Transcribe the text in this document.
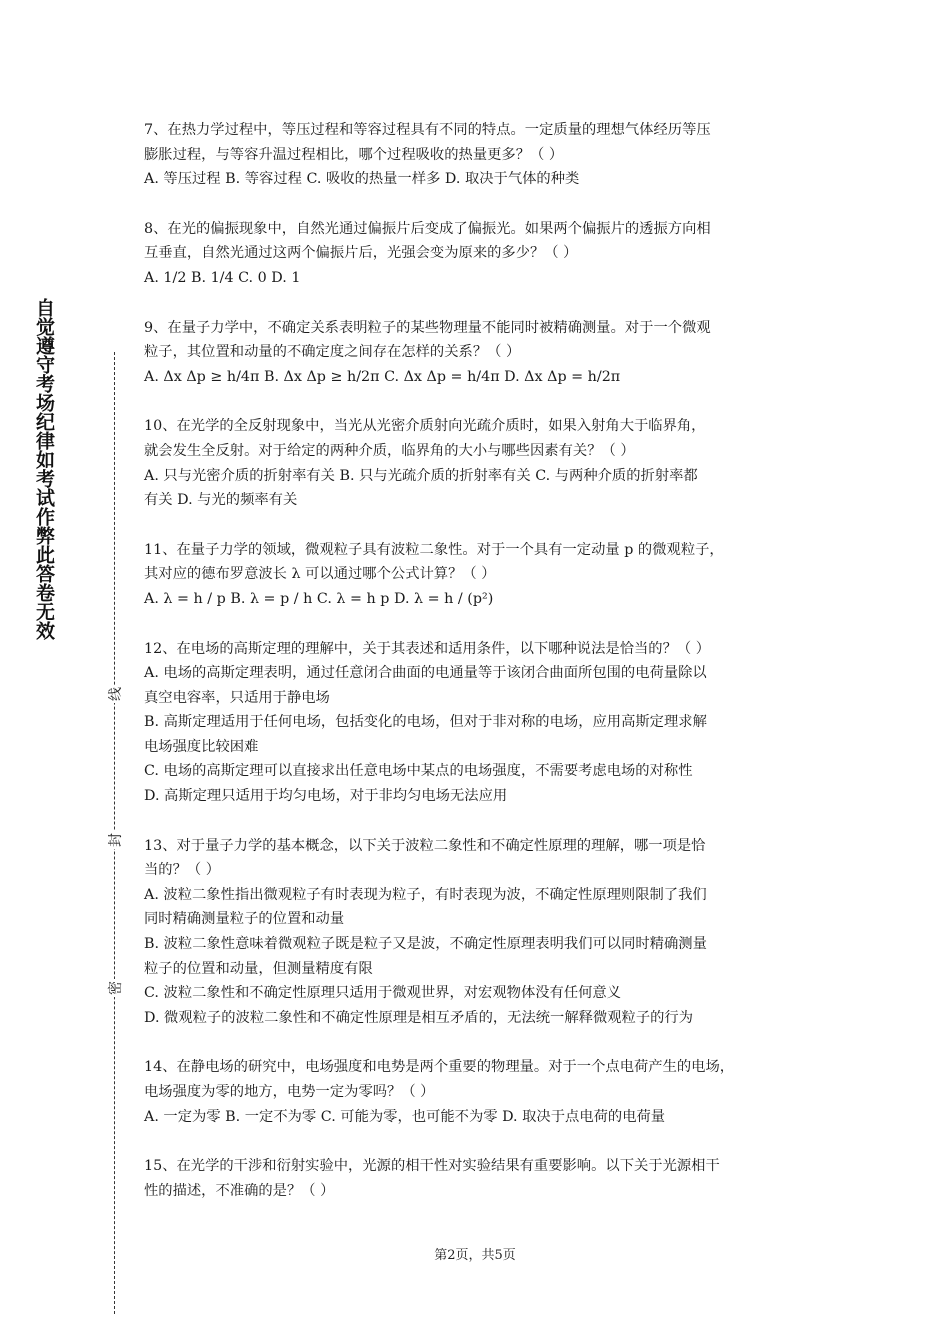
自觉遵守考场纪律如考试作弊此答卷无效
线
封
密

7、在热力学过程中，等压过程和等容过程具有不同的特点。一定质量的理想气体经历等压

膨胀过程，与等容升温过程相比，哪个过程吸收的热量更多？（ ）

A. 等压过程 B. 等容过程 C. 吸收的热量一样多 D. 取决于气体的种类

8、在光的偏振现象中，自然光通过偏振片后变成了偏振光。如果两个偏振片的透振方向相

互垂直，自然光通过这两个偏振片后，光强会变为原来的多少？（ ）

A. 1/2 B. 1/4 C. 0 D. 1

9、在量子力学中，不确定关系表明粒子的某些物理量不能同时被精确测量。对于一个微观

粒子，其位置和动量的不确定度之间存在怎样的关系？（ ）

A. Δx Δp ≥ h/4π B. Δx Δp ≥ h/2π C. Δx Δp = h/4π D. Δx Δp = h/2π

10、在光学的全反射现象中，当光从光密介质射向光疏介质时，如果入射角大于临界角，

就会发生全反射。对于给定的两种介质，临界角的大小与哪些因素有关？（ ）

A. 只与光密介质的折射率有关 B. 只与光疏介质的折射率有关 C. 与两种介质的折射率都

有关 D. 与光的频率有关

11、在量子力学的领域，微观粒子具有波粒二象性。对于一个具有一定动量 p 的微观粒子，

其对应的德布罗意波长 λ 可以通过哪个公式计算？（ ）

A. λ = h / p B. λ = p / h C. λ = h p D. λ = h / (p²)

12、在电场的高斯定理的理解中，关于其表述和适用条件，以下哪种说法是恰当的？（ ）

A. 电场的高斯定理表明，通过任意闭合曲面的电通量等于该闭合曲面所包围的电荷量除以

真空电容率，只适用于静电场

B. 高斯定理适用于任何电场，包括变化的电场，但对于非对称的电场，应用高斯定理求解

电场强度比较困难

C. 电场的高斯定理可以直接求出任意电场中某点的电场强度，不需要考虑电场的对称性

D. 高斯定理只适用于均匀电场，对于非均匀电场无法应用

13、对于量子力学的基本概念，以下关于波粒二象性和不确定性原理的理解，哪一项是恰

当的？（ ）

A. 波粒二象性指出微观粒子有时表现为粒子，有时表现为波，不确定性原理则限制了我们

同时精确测量粒子的位置和动量

B. 波粒二象性意味着微观粒子既是粒子又是波，不确定性原理表明我们可以同时精确测量

粒子的位置和动量，但测量精度有限

C. 波粒二象性和不确定性原理只适用于微观世界，对宏观物体没有任何意义

D. 微观粒子的波粒二象性和不确定性原理是相互矛盾的，无法统一解释微观粒子的行为

14、在静电场的研究中，电场强度和电势是两个重要的物理量。对于一个点电荷产生的电场，

电场强度为零的地方，电势一定为零吗？（ ）

A. 一定为零 B. 一定不为零 C. 可能为零，也可能不为零 D. 取决于点电荷的电荷量

15、在光学的干涉和衍射实验中，光源的相干性对实验结果有重要影响。以下关于光源相干

性的描述，不准确的是？（ ）

第2页，共5页
